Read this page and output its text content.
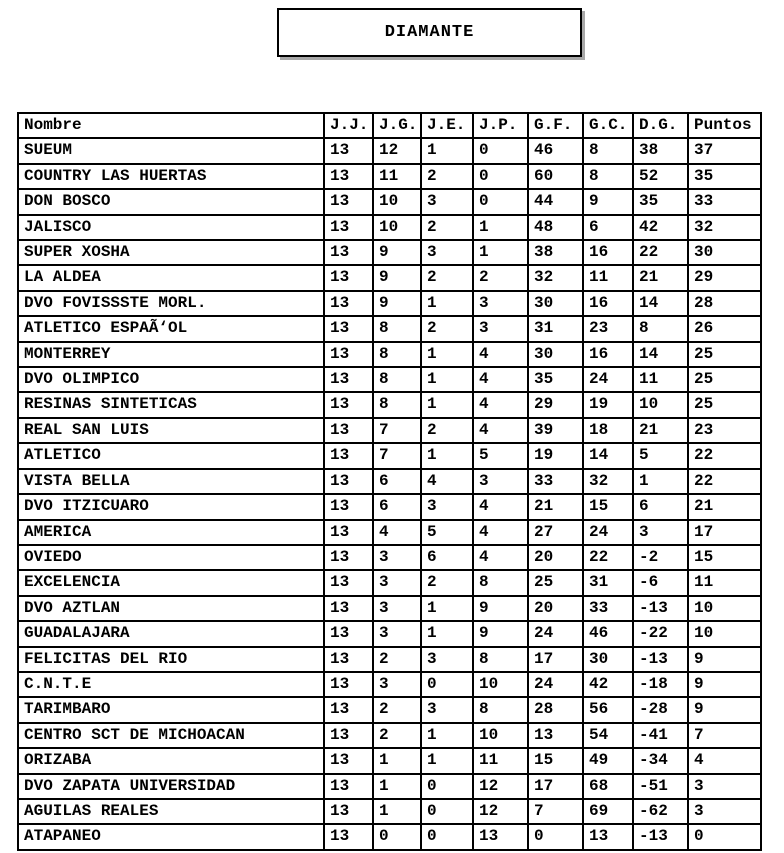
DIAMANTE
Nombre	J.J.	J.G.	J.E.	J.P.	G.F.	G.C.	D.G.	Puntos
SUEUM	13	12	1	0	46	8	38	37
COUNTRY LAS HUERTAS	13	11	2	0	60	8	52	35
DON BOSCO	13	10	3	0	44	9	35	33
JALISCO	13	10	2	1	48	6	42	32
SUPER XOSHA	13	9	3	1	38	16	22	30
LA ALDEA	13	9	2	2	32	11	21	29
DVO FOVISSSTE MORL.	13	9	1	3	30	16	14	28
ATLETICO ESPAÃ‘OL	13	8	2	3	31	23	8	26
MONTERREY	13	8	1	4	30	16	14	25
DVO OLIMPICO	13	8	1	4	35	24	11	25
RESINAS SINTETICAS	13	8	1	4	29	19	10	25
REAL SAN LUIS	13	7	2	4	39	18	21	23
ATLETICO	13	7	1	5	19	14	5	22
VISTA BELLA	13	6	4	3	33	32	1	22
DVO ITZICUARO	13	6	3	4	21	15	6	21
AMERICA	13	4	5	4	27	24	3	17
OVIEDO	13	3	6	4	20	22	-2	15
EXCELENCIA	13	3	2	8	25	31	-6	11
DVO AZTLAN	13	3	1	9	20	33	-13	10
GUADALAJARA	13	3	1	9	24	46	-22	10
FELICITAS DEL RIO	13	2	3	8	17	30	-13	9
C.N.T.E	13	3	0	10	24	42	-18	9
TARIMBARO	13	2	3	8	28	56	-28	9
CENTRO SCT DE MICHOACAN	13	2	1	10	13	54	-41	7
ORIZABA	13	1	1	11	15	49	-34	4
DVO ZAPATA UNIVERSIDAD	13	1	0	12	17	68	-51	3
AGUILAS REALES	13	1	0	12	7	69	-62	3
ATAPANEO	13	0	0	13	0	13	-13	0
